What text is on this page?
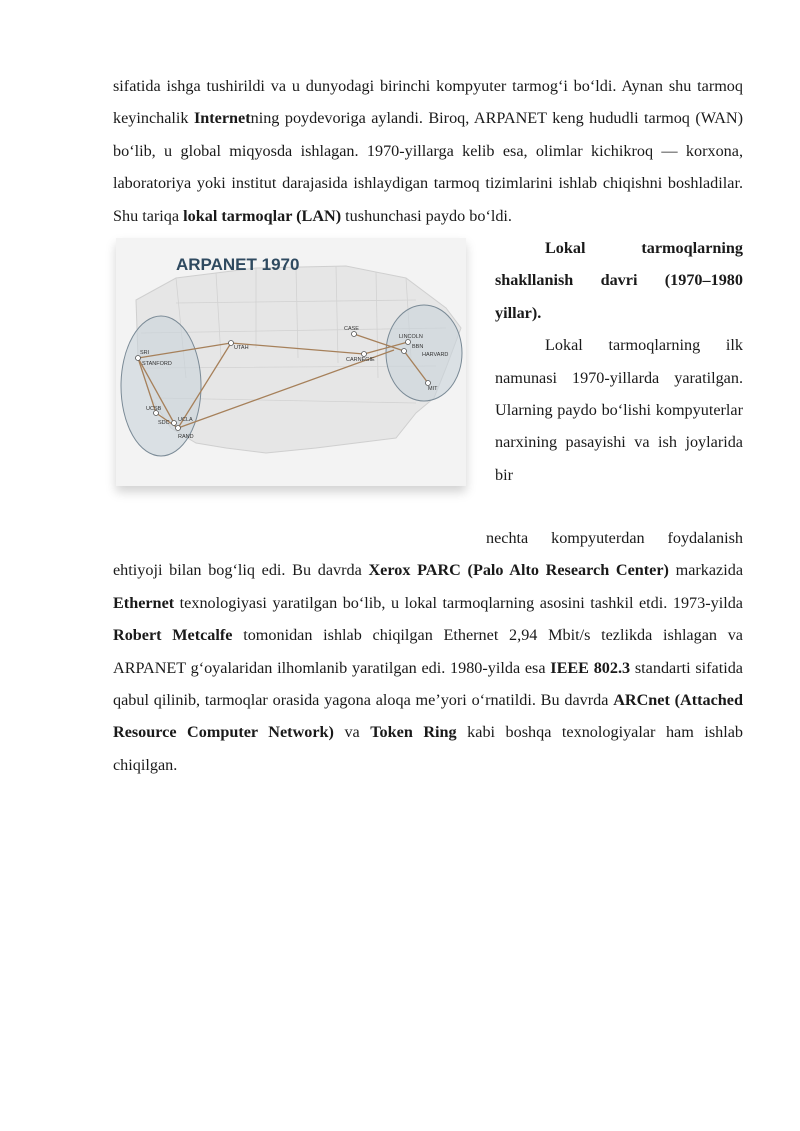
sifatida ishga tushirildi va u dunyodagi birinchi kompyuter tarmog‘i bo‘ldi. Aynan shu tarmoq keyinchalik Internetning poydevoriga aylandi. Biroq, ARPANET keng hududli tarmoq (WAN) bo‘lib, u global miqyosda ishlagan. 1970-yillarga kelib esa, olimlar kichikroq — korxona, laboratoriya yoki institut darajasida ishlaydigan tarmoq tizimlarini ishlab chiqishni boshladilar. Shu tariqa lokal tarmoqlar (LAN) tushunchasi paydo bo‘ldi.

ARPANET 1970
SRI
STANFORD
UCSB
UCLA
SDC
RAND
UTAH
CASE
CARNEGIE
LINCOLN
BBN
HARVARD
MIT

Lokal tarmoqlarning shakllanish davri (1970–1980 yillar).

Lokal tarmoqlarning ilk namunasi 1970-yillarda yaratilgan. Ularning paydo bo‘lishi kompyuterlar narxining pasayishi va ish joylarida bir

nechta kompyuterdan foydalanish

ehtiyoji bilan bog‘liq edi. Bu davrda Xerox PARC (Palo Alto Research Center) markazida Ethernet texnologiyasi yaratilgan bo‘lib, u lokal tarmoqlarning asosini tashkil etdi. 1973-yilda Robert Metcalfe tomonidan ishlab chiqilgan Ethernet 2,94 Mbit/s tezlikda ishlagan va ARPANET g‘oyalaridan ilhomlanib yaratilgan edi. 1980-yilda esa IEEE 802.3 standarti sifatida qabul qilinib, tarmoqlar orasida yagona aloqa me’yori o‘rnatildi. Bu davrda ARCnet (Attached Resource Computer Network) va Token Ring kabi boshqa texnologiyalar ham ishlab chiqilgan.
